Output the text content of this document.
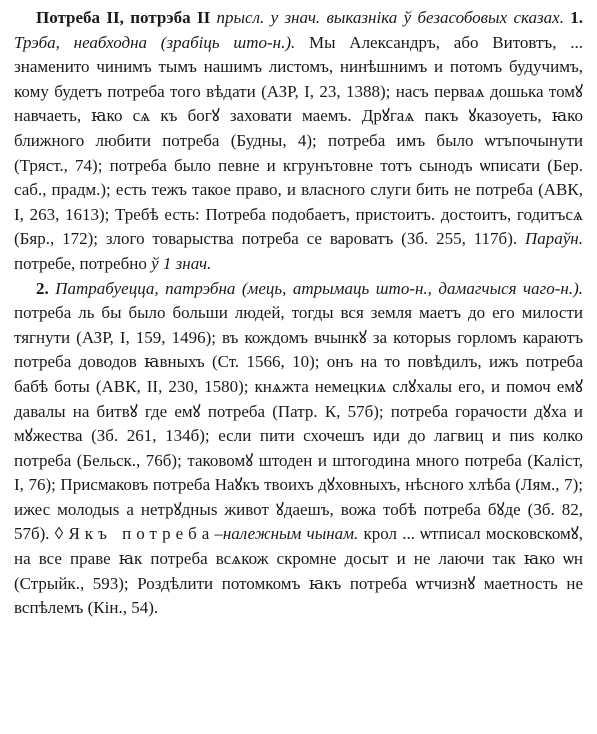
Потреба II, потрэба II прысл. у знач. выказніка ў безасобовых сказах. 1. Трэба, неабходна (зрабіць што-н.). Мы Александръ, або Витовтъ, ... знаменито чинимъ тымъ нашимъ листомъ, нинѣшнимъ и потомъ будучимъ, кому будетъ потреба того вѣдати (АЗР, I, 23, 1388); насъ перваѧ дошька томꙋ навчаеть, ꙗко сѧ къ богꙋ заховати маемъ. Дрꙋгаѧ пакъ ꙋказоуеть, ꙗко ближного любити потреба (Будны, 4); потреба имъ было ѡтъпочынути (Тряст., 74); потреба было певне и кгрунътовне тотъ сынодъ ѡписати (Бер. саб., прадм.); есть тежъ такое право, и власного слуги бить не потреба (АВК, I, 263, 1613); Требѣ есть: Потреба подобаетъ, пристоитъ. достоитъ, годитъсѧ (Бяр., 172); злого товарыства потреба се вароватъ (Зб. 255, 117б). Параўн. потребе, потребно ў 1 знач.

2. Патрабуецца, патрэбна (мець, атрымаць што-н., дамагчыся чаго-н.). потреба ль бы было больши людей, тогды вся земля маетъ до его милости тягнути (АЗР, I, 159, 1496); въ кождомъ вчынкꙋ за которыѕ горломъ караютъ потреба доводов ꙗвныхъ (Ст. 1566, 10); онъ на то повѣдилъ, ижъ потреба бабѣ боты (АВК, II, 230, 1580); кнѧжта немецкиѧ слꙋхалы его, и помоч емꙋ давалы на битвꙋ где емꙋ потреба (Патр. К, 57б); потреба горачости дꙋха и мꙋжества (Зб. 261, 134б); если пити схочешъ иди до лагвиц и пиѕ колко потреба (Бельск., 76б); таковомꙋ штоден и штогодина много потреба (Каліст, I, 76); Присмаковъ потреба Наꙋкъ твоихъ дꙋховныхъ, нѣсного хлѣба (Лям., 7); ижес молодыѕ а нетрꙋдныѕ живот ꙋдаешъ, вожа тобѣ потреба бꙋде (Зб. 82, 57б). ◊ Якъ потреба–належным чынам. крол ... ѡтписал московскомꙋ, на все праве ꙗк потреба всѧкож скромне досыт и не лаючи так ꙗко ѡн (Стрыйк., 593); Роздѣлити потомкомъ ꙗкъ потреба ѡтчизнꙋ маетность не вспѣлемъ (Кін., 54).
